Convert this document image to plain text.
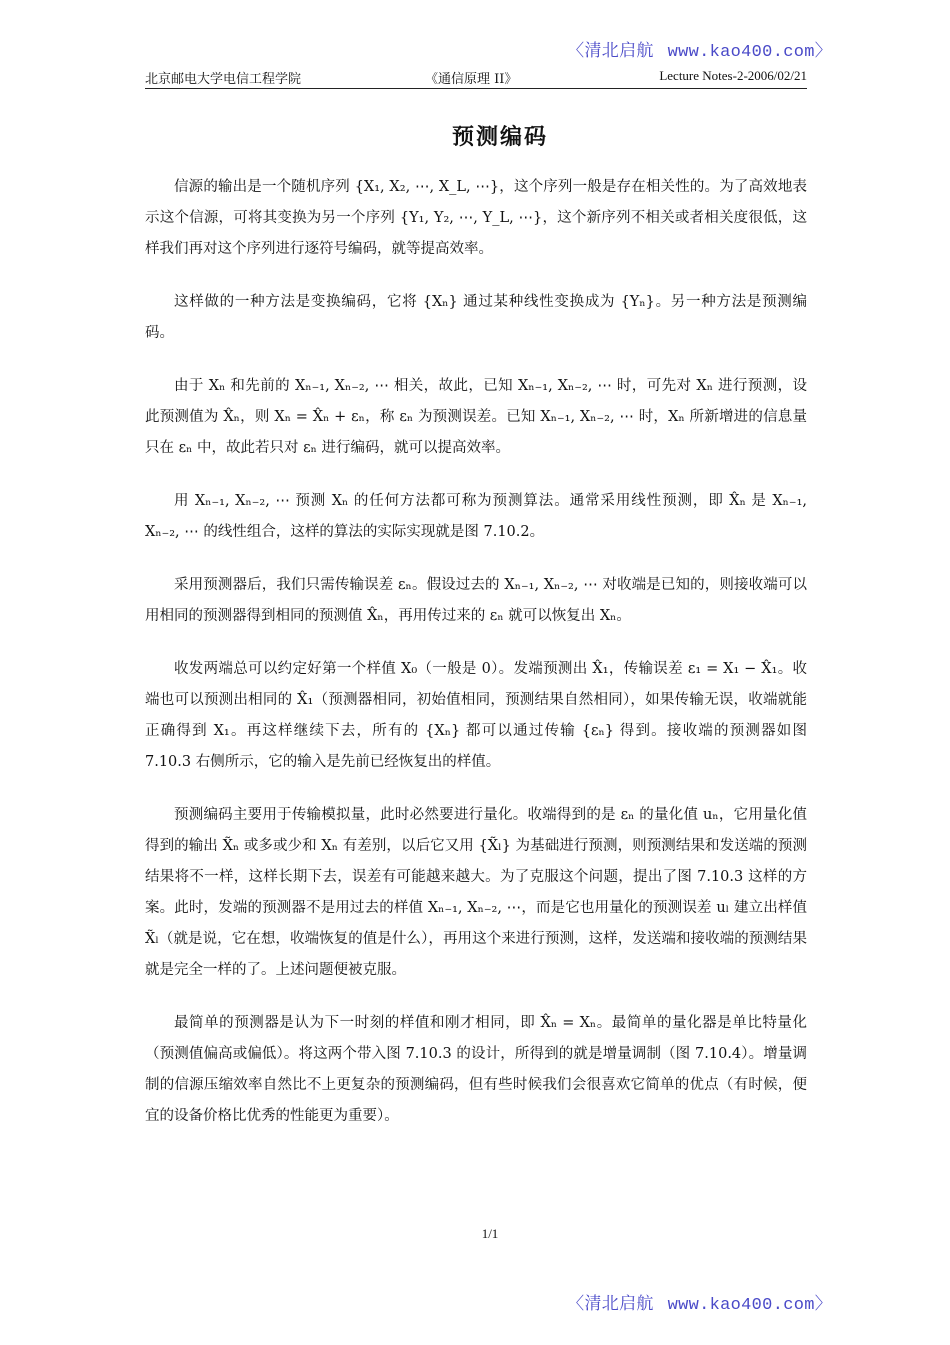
〈清北启航 www.kao400.com〉
北京邮电大学电信工程学院	《通信原理 II》	Lecture Notes-2-2006/02/21
预测编码

信源的输出是一个随机序列 {X₁, X₂, ⋯, X_L, ⋯}，这个序列一般是存在相关性的。为了高效地表示这个信源，可将其变换为另一个序列 {Y₁, Y₂, ⋯, Y_L, ⋯}，这个新序列不相关或者相关度很低，这样我们再对这个序列进行逐符号编码，就等提高效率。

这样做的一种方法是变换编码，它将 {Xₙ} 通过某种线性变换成为 {Yₙ}。另一种方法是预测编码。

由于 Xₙ 和先前的 Xₙ₋₁, Xₙ₋₂, ⋯ 相关，故此，已知 Xₙ₋₁, Xₙ₋₂, ⋯ 时，可先对 Xₙ 进行预测，设此预测值为 X̂ₙ，则 Xₙ = X̂ₙ + εₙ，称 εₙ 为预测误差。已知 Xₙ₋₁, Xₙ₋₂, ⋯ 时，Xₙ 所新增进的信息量只在 εₙ 中，故此若只对 εₙ 进行编码，就可以提高效率。

用 Xₙ₋₁, Xₙ₋₂, ⋯ 预测 Xₙ 的任何方法都可称为预测算法。通常采用线性预测，即 X̂ₙ 是 Xₙ₋₁, Xₙ₋₂, ⋯ 的线性组合，这样的算法的实际实现就是图 7.10.2。

采用预测器后，我们只需传输误差 εₙ。假设过去的 Xₙ₋₁, Xₙ₋₂, ⋯ 对收端是已知的，则接收端可以用相同的预测器得到相同的预测值 X̂ₙ，再用传过来的 εₙ 就可以恢复出 Xₙ。

收发两端总可以约定好第一个样值 X₀（一般是 0）。发端预测出 X̂₁，传输误差 ε₁ = X₁ − X̂₁。收端也可以预测出相同的 X̂₁（预测器相同，初始值相同，预测结果自然相同），如果传输无误，收端就能正确得到 X₁。再这样继续下去，所有的 {Xₙ} 都可以通过传输 {εₙ} 得到。接收端的预测器如图 7.10.3 右侧所示，它的输入是先前已经恢复出的样值。

预测编码主要用于传输模拟量，此时必然要进行量化。收端得到的是 εₙ 的量化值 uₙ，它用量化值得到的输出 X̃ₙ 或多或少和 Xₙ 有差别，以后它又用 {X̃ₗ} 为基础进行预测，则预测结果和发送端的预测结果将不一样，这样长期下去，误差有可能越来越大。为了克服这个问题，提出了图 7.10.3 这样的方案。此时，发端的预测器不是用过去的样值 Xₙ₋₁, Xₙ₋₂, ⋯，而是它也用量化的预测误差 uₗ 建立出样值 X̃ₗ（就是说，它在想，收端恢复的值是什么），再用这个来进行预测，这样，发送端和接收端的预测结果就是完全一样的了。上述问题便被克服。

最简单的预测器是认为下一时刻的样值和刚才相同，即 X̂ₙ = Xₙ。最简单的量化器是单比特量化（预测值偏高或偏低）。将这两个带入图 7.10.3 的设计，所得到的就是增量调制（图 7.10.4）。增量调制的信源压缩效率自然比不上更复杂的预测编码，但有些时候我们会很喜欢它简单的优点（有时候，便宜的设备价格比优秀的性能更为重要）。

1/1
〈清北启航 www.kao400.com〉
